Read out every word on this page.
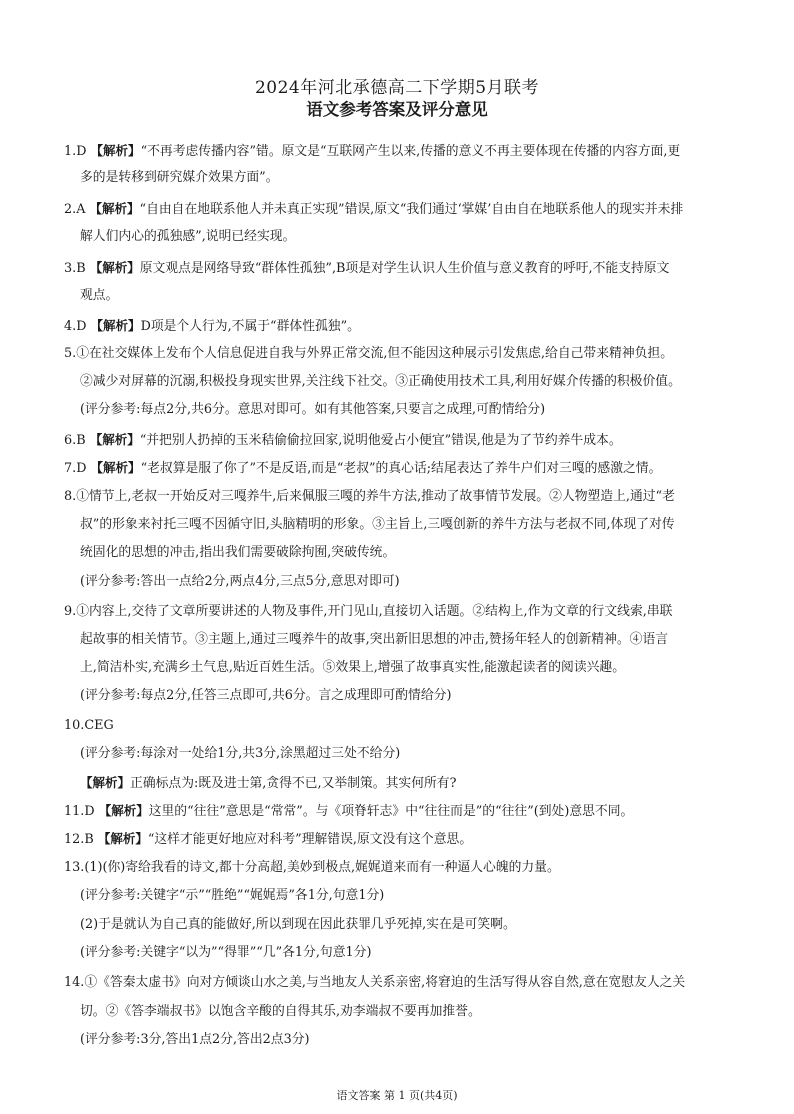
2024年河北承德高二下学期5月联考
语文参考答案及评分意见
1.D 【解析】“不再考虑传播内容”错。原文是“互联网产生以来,传播的意义不再主要体现在传播的内容方面,更
多的是转移到研究媒介效果方面”。
2.A 【解析】“自由自在地联系他人并未真正实现”错误,原文“我们通过‘掌媒’自由自在地联系他人的现实并未排
解人们内心的孤独感”,说明已经实现。
3.B 【解析】原文观点是网络导致“群体性孤独”,B项是对学生认识人生价值与意义教育的呼吁,不能支持原文
观点。
4.D 【解析】D项是个人行为,不属于“群体性孤独”。
5.①在社交媒体上发布个人信息促进自我与外界正常交流,但不能因这种展示引发焦虑,给自己带来精神负担。
②减少对屏幕的沉溺,积极投身现实世界,关注线下社交。③正确使用技术工具,利用好媒介传播的积极价值。
(评分参考:每点2分,共6分。意思对即可。如有其他答案,只要言之成理,可酌情给分)
6.B 【解析】“并把别人扔掉的玉米秸偷偷拉回家,说明他爱占小便宜”错误,他是为了节约养牛成本。
7.D 【解析】“老叔算是服了你了”不是反语,而是“老叔”的真心话;结尾表达了养牛户们对三嘎的感激之情。
8.①情节上,老叔一开始反对三嘎养牛,后来佩服三嘎的养牛方法,推动了故事情节发展。②人物塑造上,通过“老
叔”的形象来衬托三嘎不因循守旧,头脑精明的形象。③主旨上,三嘎创新的养牛方法与老叔不同,体现了对传
统固化的思想的冲击,指出我们需要破除拘囿,突破传统。
(评分参考:答出一点给2分,两点4分,三点5分,意思对即可)
9.①内容上,交待了文章所要讲述的人物及事件,开门见山,直接切入话题。②结构上,作为文章的行文线索,串联
起故事的相关情节。③主题上,通过三嘎养牛的故事,突出新旧思想的冲击,赞扬年轻人的创新精神。④语言
上,简洁朴实,充满乡土气息,贴近百姓生活。⑤效果上,增强了故事真实性,能激起读者的阅读兴趣。
(评分参考:每点2分,任答三点即可,共6分。言之成理即可酌情给分)
10.CEG
(评分参考:每涂对一处给1分,共3分,涂黑超过三处不给分)
【解析】正确标点为:既及进士第,贪得不已,又举制策。其实何所有?
11.D 【解析】这里的“往往”意思是“常常”。与《项脊轩志》中“往往而是”的“往往”(到处)意思不同。
12.B 【解析】“这样才能更好地应对科考”理解错误,原文没有这个意思。
13.(1)(你)寄给我看的诗文,都十分高超,美妙到极点,娓娓道来而有一种逼人心魄的力量。
(评分参考:关键字“示”“胜绝”“娓娓焉”各1分,句意1分)
(2)于是就认为自己真的能做好,所以到现在因此获罪几乎死掉,实在是可笑啊。
(评分参考:关键字“以为”“得罪”“几”各1分,句意1分)
14.①《答秦太虚书》向对方倾谈山水之美,与当地友人关系亲密,将窘迫的生活写得从容自然,意在宽慰友人之关
切。②《答李端叔书》以饱含辛酸的自得其乐,劝李端叔不要再加推誉。
(评分参考:3分,答出1点2分,答出2点3分)
语文答案 第 1 页(共4页)
